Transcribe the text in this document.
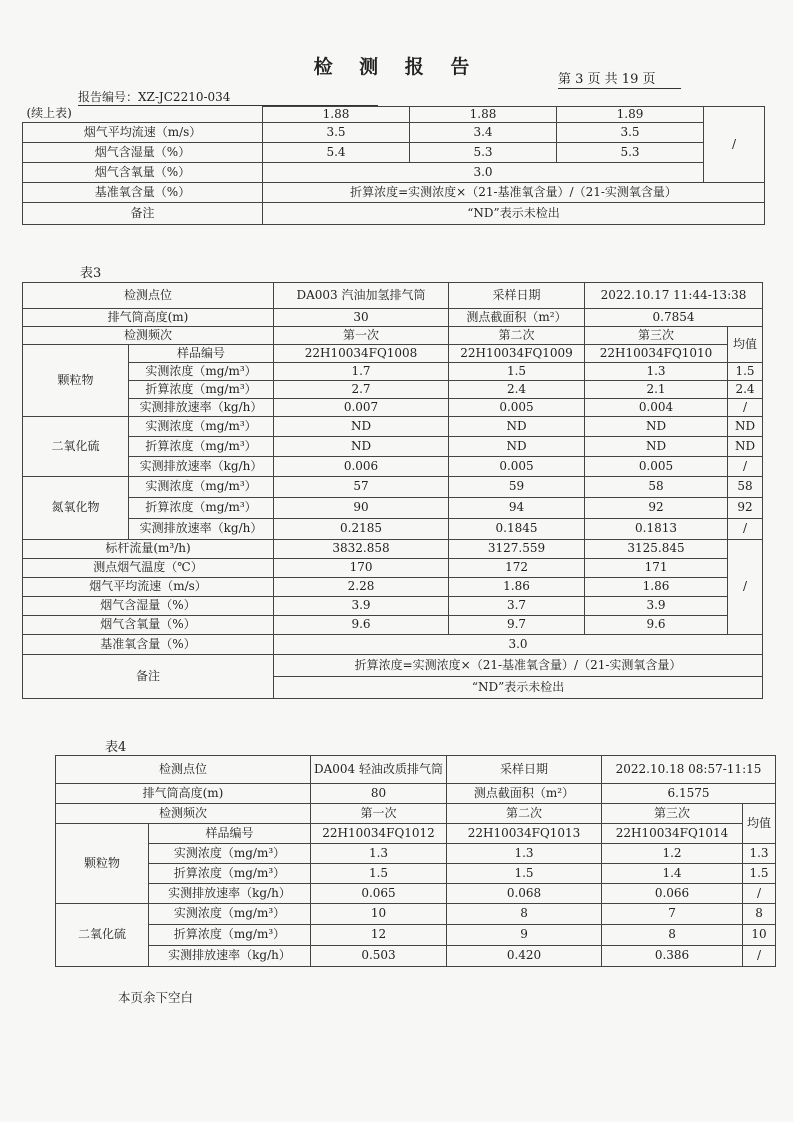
检 测 报 告
第 3 页 共 19 页
报告编号：XZ-JC2210-034
(续上表)	1.88	1.88	1.89	/
烟气平均流速（m/s）	3.5	3.4	3.5	
烟气含湿量（%）	5.4	5.3	5.3	
烟气含氧量（%）	3.0			
基准氧含量（%）	折算浓度=实测浓度×（21-基准氧含量）/（21-实测氧含量）			
备注	“ND”表示未检出			
表3
检测点位		DA003 汽油加氢排气筒	采样日期	2022.10.17 11:44-13:38	
排气筒高度(m)		30	测点截面积（m²）	0.7854	
检测频次		第一次	第二次	第三次	均值
颗粒物	样品编号	22H10034FQ1008	22H10034FQ1009	22H10034FQ1010	
	实测浓度（mg/m³）	1.7	1.5	1.3	1.5
	折算浓度（mg/m³）	2.7	2.4	2.1	2.4
	实测排放速率（kg/h）	0.007	0.005	0.004	/
二氧化硫	实测浓度（mg/m³）	ND	ND	ND	ND
	折算浓度（mg/m³）	ND	ND	ND	ND
	实测排放速率（kg/h）	0.006	0.005	0.005	/
氮氧化物	实测浓度（mg/m³）	57	59	58	58
	折算浓度（mg/m³）	90	94	92	92
	实测排放速率（kg/h）	0.2185	0.1845	0.1813	/
标杆流量(m³/h)		3832.858	3127.559	3125.845	/
测点烟气温度（℃）		170	172	171	
烟气平均流速（m/s）		2.28	1.86	1.86	
烟气含湿量（%）		3.9	3.7	3.9	
烟气含氧量（%）		9.6	9.7	9.6	
基准氧含量（%）		3.0			
备注		折算浓度=实测浓度×（21-基准氧含量）/（21-实测氧含量）			
		“ND”表示未检出			
表4
检测点位		DA004 轻油改质排气筒	采样日期	2022.10.18 08:57-11:15	
排气筒高度(m)		80	测点截面积（m²）	6.1575	
检测频次		第一次	第二次	第三次	均值
颗粒物	样品编号	22H10034FQ1012	22H10034FQ1013	22H10034FQ1014	
	实测浓度（mg/m³）	1.3	1.3	1.2	1.3
	折算浓度（mg/m³）	1.5	1.5	1.4	1.5
	实测排放速率（kg/h）	0.065	0.068	0.066	/
二氧化硫	实测浓度（mg/m³）	10	8	7	8
	折算浓度（mg/m³）	12	9	8	10
	实测排放速率（kg/h）	0.503	0.420	0.386	/
本页余下空白
